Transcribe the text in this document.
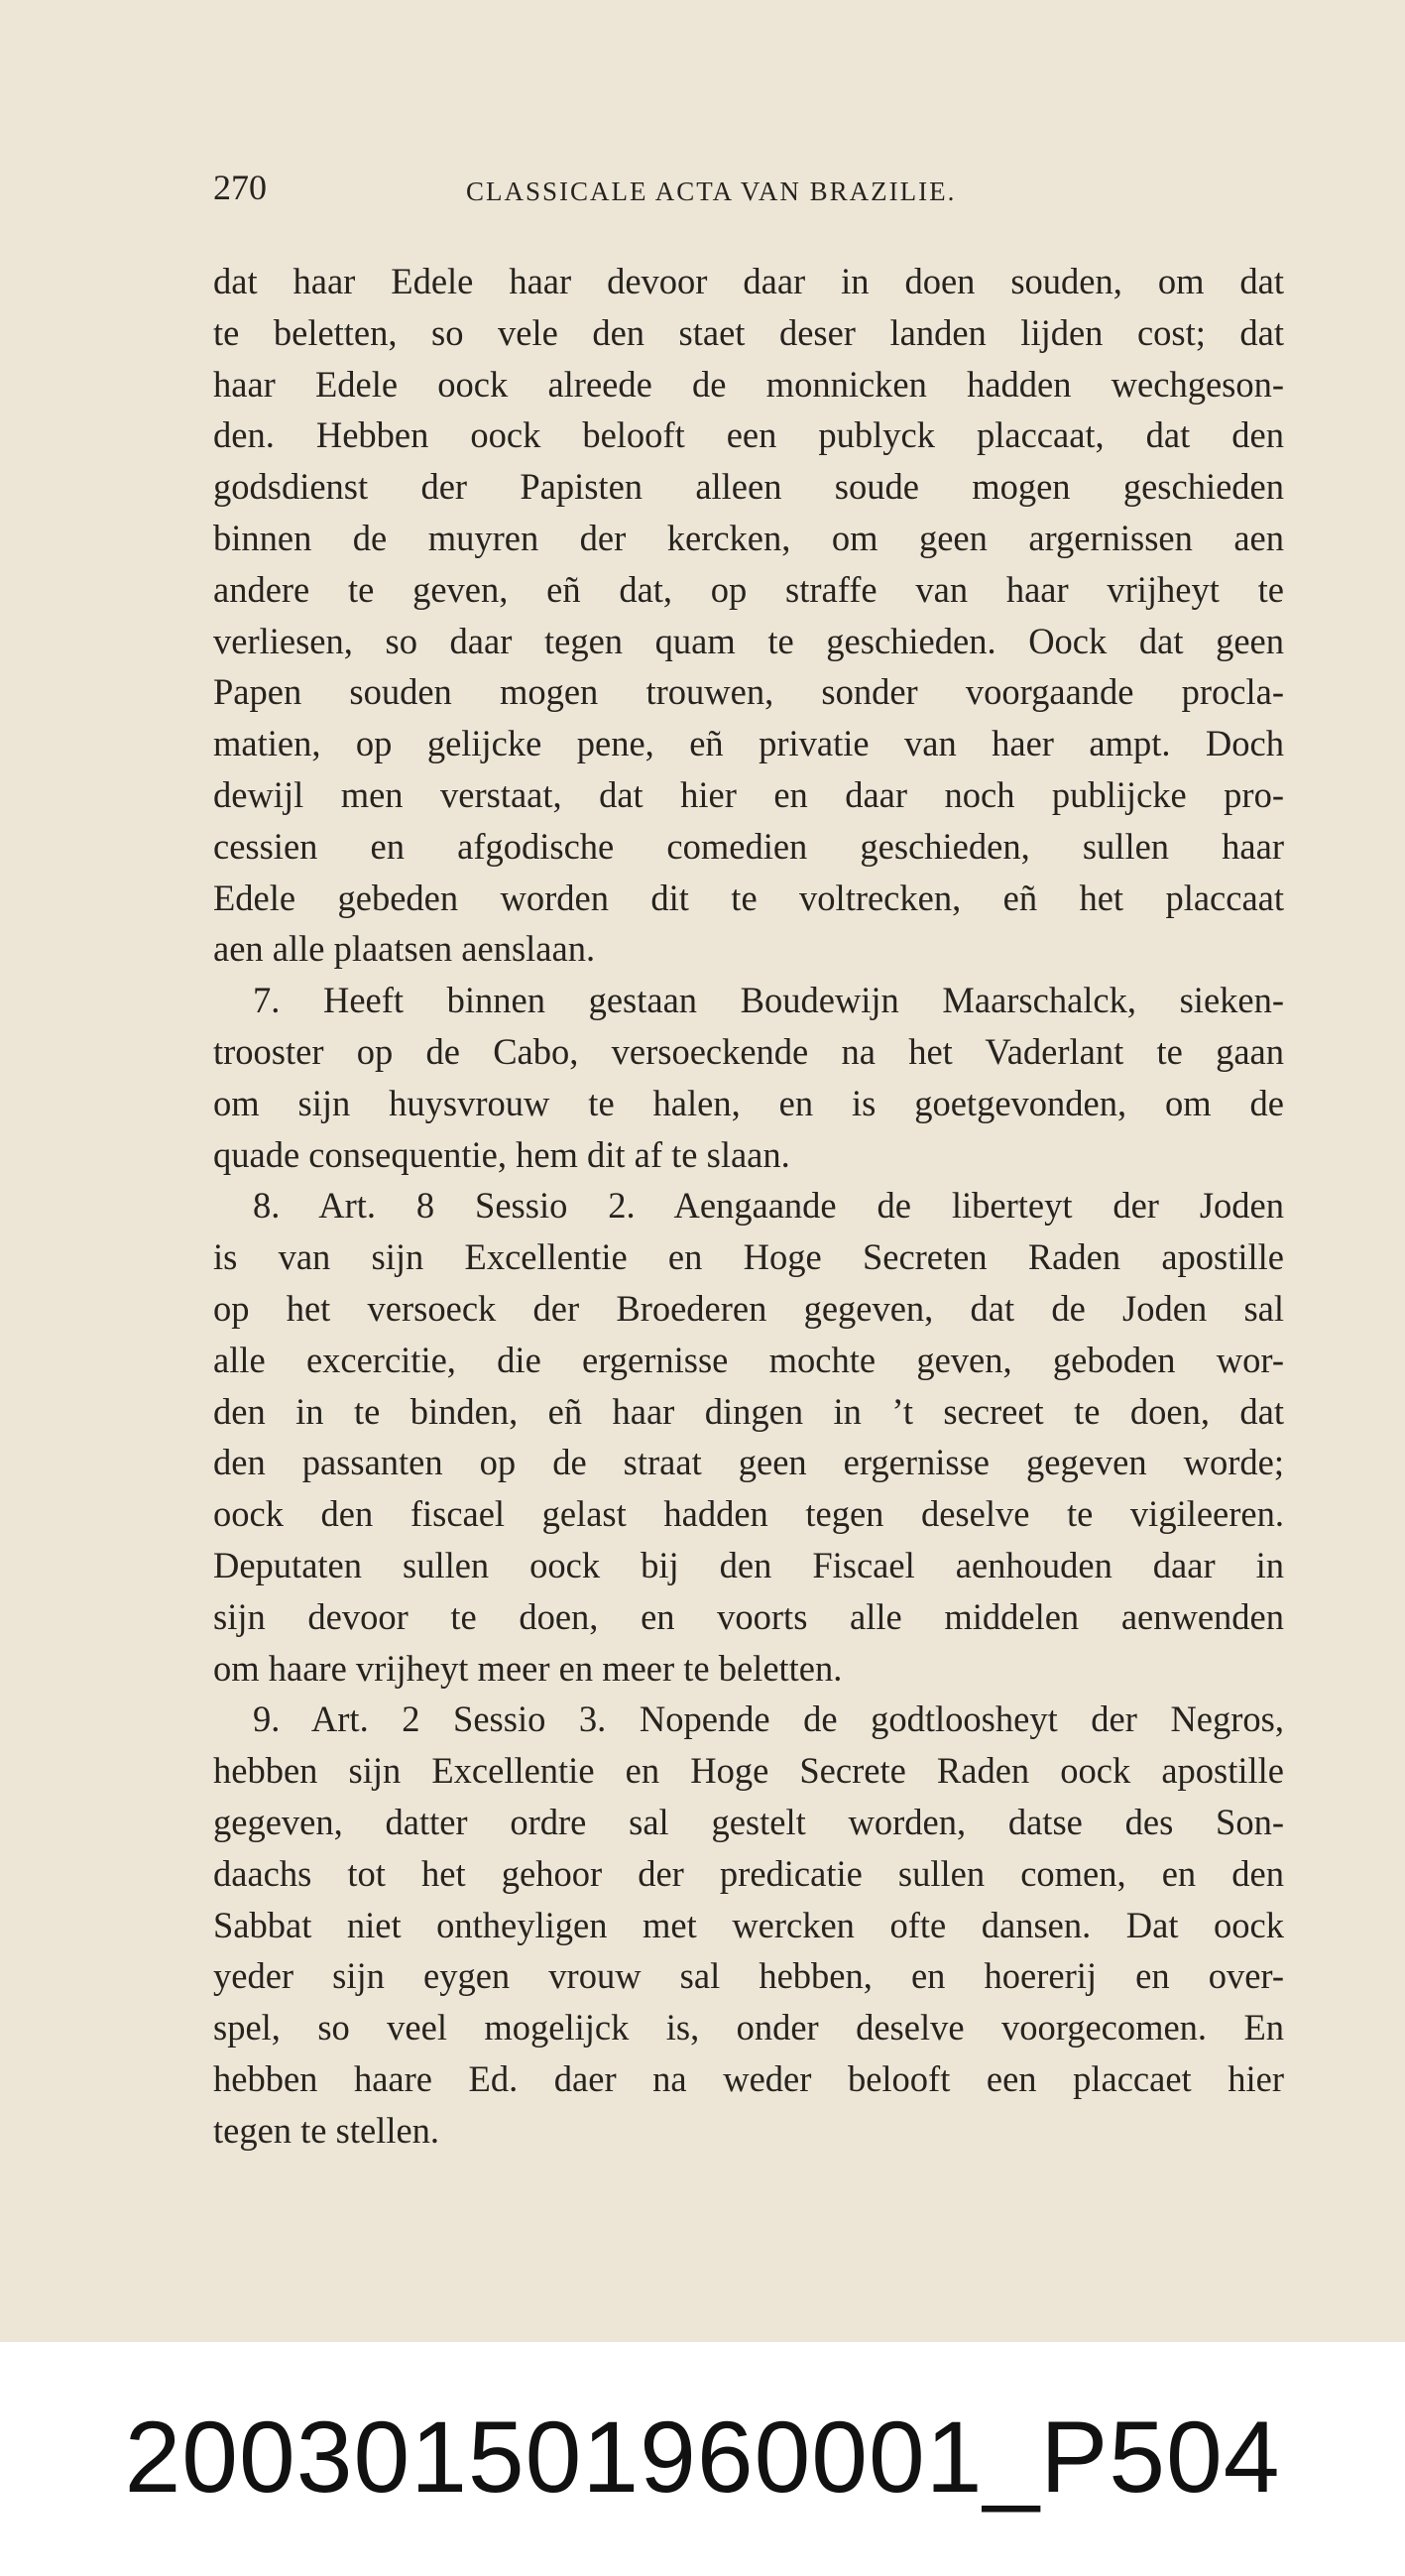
270	CLASSICALE ACTA VAN BRAZILIE.
dat haar Edele haar devoor daar in doen souden, om dat
te beletten, so vele den staet deser landen lijden cost; dat
haar Edele oock alreede de monnicken hadden wechgeson-
den. Hebben oock belooft een publyck placcaat, dat den
godsdienst der Papisten alleen soude mogen geschieden
binnen de muyren der kercken, om geen argernissen aen
andere te geven, eñ dat, op straffe van haar vrijheyt te
verliesen, so daar tegen quam te geschieden. Oock dat geen
Papen souden mogen trouwen, sonder voorgaande procla-
matien, op gelijcke pene, eñ privatie van haer ampt. Doch
dewijl men verstaat, dat hier en daar noch publijcke pro-
cessien en afgodische comedien geschieden, sullen haar
Edele gebeden worden dit te voltrecken, eñ het placcaat
aen alle plaatsen aenslaan.
7. Heeft binnen gestaan Boudewijn Maarschalck, sieken-
trooster op de Cabo, versoeckende na het Vaderlant te gaan
om sijn huysvrouw te halen, en is goetgevonden, om de
quade consequentie, hem dit af te slaan.
8. Art. 8 Sessio 2. Aengaande de liberteyt der Joden
is van sijn Excellentie en Hoge Secreten Raden apostille
op het versoeck der Broederen gegeven, dat de Joden sal
alle excercitie, die ergernisse mochte geven, geboden wor-
den in te binden, eñ haar dingen in ’t secreet te doen, dat
den passanten op de straat geen ergernisse gegeven worde;
oock den fiscael gelast hadden tegen deselve te vigileeren.
Deputaten sullen oock bij den Fiscael aenhouden daar in
sijn devoor te doen, en voorts alle middelen aenwenden
om haare vrijheyt meer en meer te beletten.
9. Art. 2 Sessio 3. Nopende de godtloosheyt der Negros,
hebben sijn Excellentie en Hoge Secrete Raden oock apostille
gegeven, datter ordre sal gestelt worden, datse des Son-
daachs tot het gehoor der predicatie sullen comen, en den
Sabbat niet ontheyligen met wercken ofte dansen. Dat oock
yeder sijn eygen vrouw sal hebben, en hoererij en over-
spel, so veel mogelijck is, onder deselve voorgecomen. En
hebben haare Ed. daer na weder belooft een placcaet hier
tegen te stellen.
200301501960001_P504
